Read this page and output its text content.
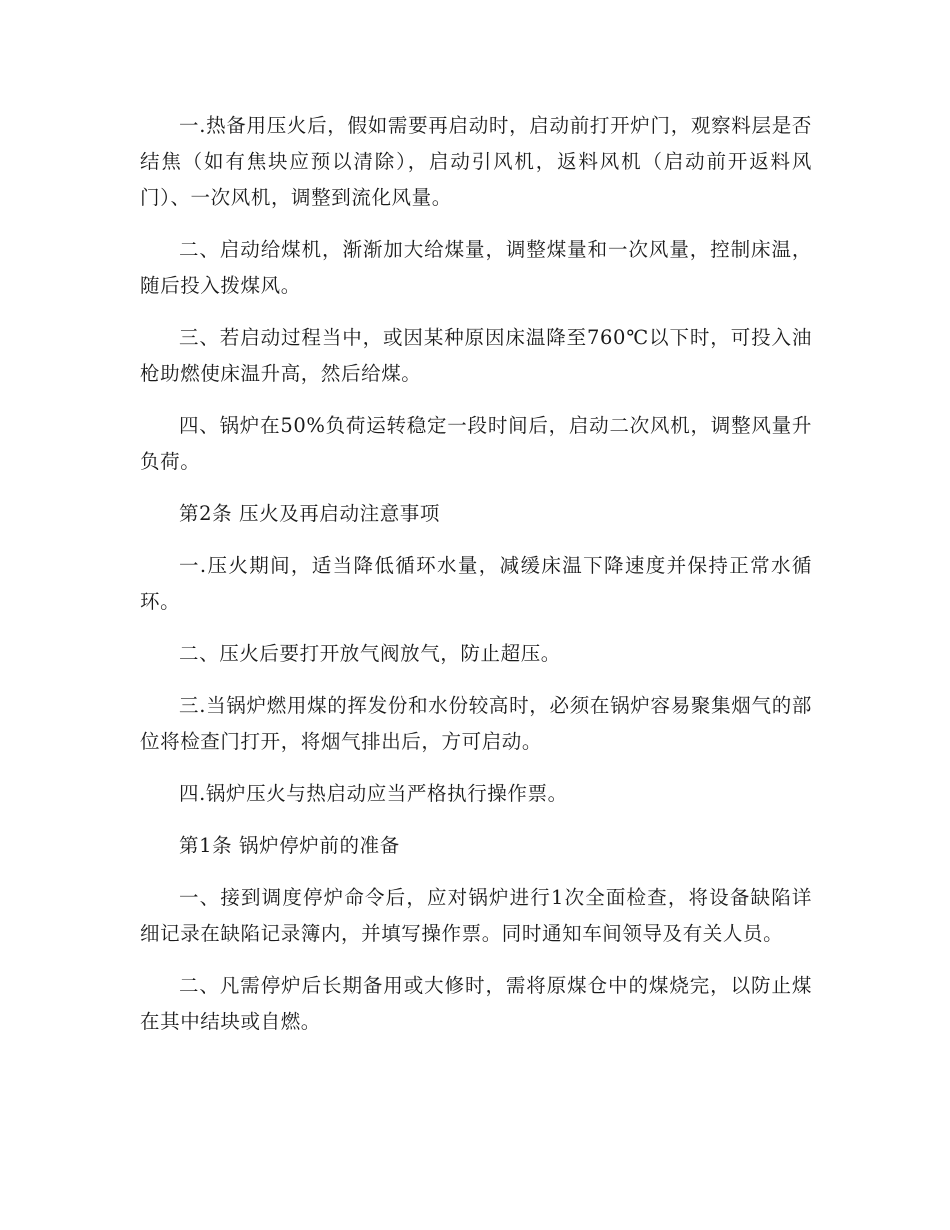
一.热备用压火后，假如需要再启动时，启动前打开炉门，观察料层是否结焦（如有焦块应预以清除），启动引风机，返料风机（启动前开返料风门）、一次风机，调整到流化风量。

二、启动给煤机，渐渐加大给煤量，调整煤量和一次风量，控制床温，随后投入拨煤风。

三、若启动过程当中，或因某种原因床温降至760℃以下时，可投入油枪助燃使床温升高，然后给煤。

四、锅炉在50%负荷运转稳定一段时间后，启动二次风机，调整风量升负荷。

第2条 压火及再启动注意事项

一.压火期间，适当降低循环水量，减缓床温下降速度并保持正常水循环。

二、压火后要打开放气阀放气，防止超压。

三.当锅炉燃用煤的挥发份和水份较高时，必须在锅炉容易聚集烟气的部位将检查门打开，将烟气排出后，方可启动。

四.锅炉压火与热启动应当严格执行操作票。

第1条 锅炉停炉前的准备

一、接到调度停炉命令后，应对锅炉进行1次全面检查，将设备缺陷详细记录在缺陷记录簿内，并填写操作票。同时通知车间领导及有关人员。

二、凡需停炉后长期备用或大修时，需将原煤仓中的煤烧完，以防止煤在其中结块或自燃。
